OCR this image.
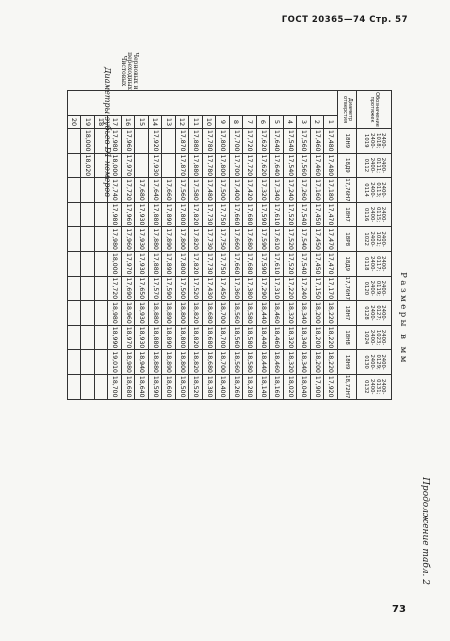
ГОСТ 20365—74 Стр. 57
Продолжение табл. 2
Размеры в мм
Черновых и переходных
Чистовых
Диаметры зубьев D1 номеров	Обозначение протяжек		2400-1018; 2400-1019	2400-0111; 2400-0112	2400-0113; 2400-0114	2400-0115; 2400-0116	2400-1021; 2400-1022	2400-0117; 2400-0118	2400-0119; 2400-0120	2400-0127; 2400-0128	2400-1023; 2400-1024	2400-0129; 2400-0130	2400-0131; 2400-0132
Диаметр отверстия		18Н9	18Д9	17,76Н7	18Н7	18Р8	18Д9	17,76Н7	18Н7	18Н8	18Н9	18,72Н7
	1	17,480	17,480	17,180	17,470	17,470	17,470	17,170	18,220	18,220	18,220	17,920
	2	17,460	17,460	17,160	17,450	17,450	17,450	17,150	18,200	18,200	18,200	17,900
	3	17,560	17,560	17,260	17,540	17,540	17,540	17,240	18,340	18,340	18,340	18,040
	4	17,540	17,540	17,240	17,520	17,520	17,520	17,220	18,320	18,320	18,320	18,020
	5	17,640	17,640	17,340	17,610	17,610	17,610	17,310	18,460	18,460	18,460	18,160
	6	17,620	17,620	17,320	17,590	17,590	17,590	17,290	18,440	18,440	18,440	18,140
	7	17,720	17,720	17,420	17,680	17,680	17,680	17,380	18,580	18,580	18,580	18,280
	8	17,700	17,700	17,400	17,660	17,660	17,660	17,360	18,560	18,560	18,560	18,260
	9	17,800	17,800	17,500	17,750	17,750	17,750	17,450	18,700	18,700	18,700	18,400
	10	17,780	17,780	17,480	17,730	17,730	17,730	17,430	18,680	18,680	18,680	18,380
	11	17,880	17,880	17,580	17,820	17,820	17,820	17,520	18,820	18,820	18,820	18,520
	12	17,870	17,870	17,560	17,800	17,800	17,800	17,500	18,800	18,800	18,800	18,500
	13			17,660	17,890	17,890	17,890	17,590	18,890	18,890	18,890	18,600
	14	17,920	17,930	17,640	17,880	17,880	17,880	17,570	18,880	18,880	18,880	18,590
	15			17,680	17,930	17,930	17,930	17,650	18,930	18,930	18,940	18,640
	16	17,960	17,970	17,720	17,960	17,960	17,970	17,690	18,960	18,970	18,980	18,680
	17	17,980	18,000	17,740	17,980	17,980	18,000	17,720	18,980	18,990	19,010	18,700
	18											
	19	18,000	18,020									
	20											
73
